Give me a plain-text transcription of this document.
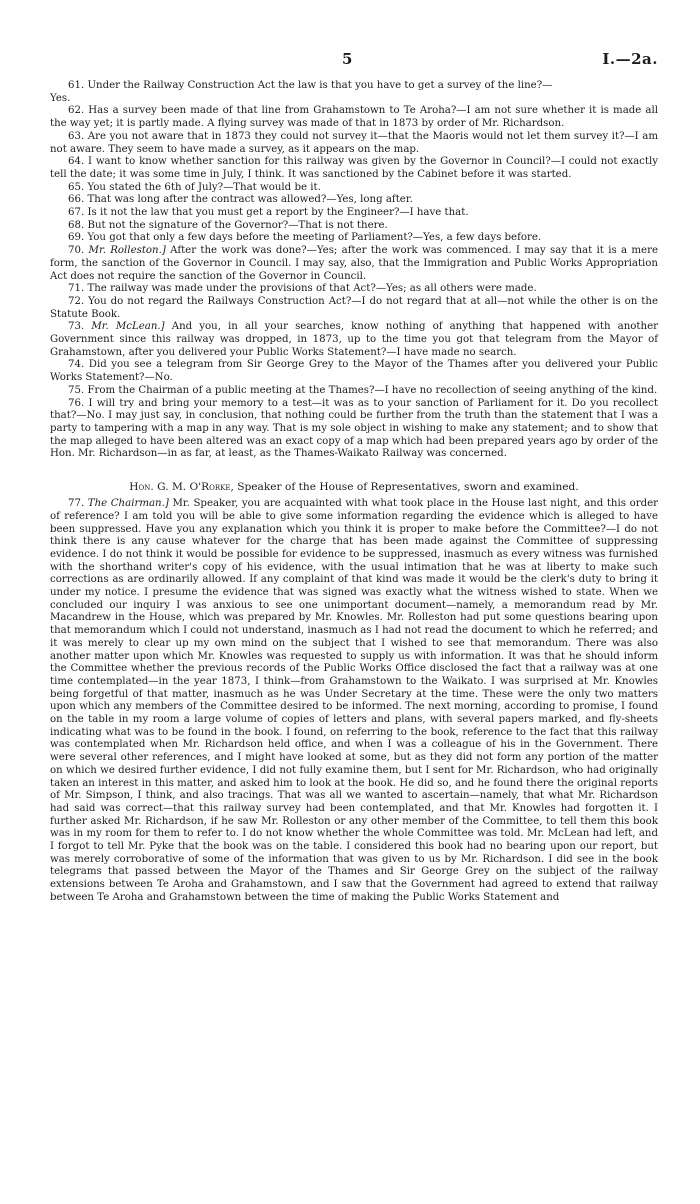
5	I.—2a.

61. Under the Railway Construction Act the law is that you have to get a survey of the line?—

Yes.

62. Has a survey been made of that line from Grahamstown to Te Aroha?—I am not sure whether it is made all the way yet; it is partly made. A flying survey was made of that in 1873 by order of Mr. Richardson.

63. Are you not aware that in 1873 they could not survey it—that the Maoris would not let them survey it?—I am not aware. They seem to have made a survey, as it appears on the map.

64. I want to know whether sanction for this railway was given by the Governor in Council?—I could not exactly tell the date; it was some time in July, I think. It was sanctioned by the Cabinet before it was started.

65. You stated the 6th of July?—That would be it.

66. That was long after the contract was allowed?—Yes, long after.

67. Is it not the law that you must get a report by the Engineer?—I have that.

68. But not the signature of the Governor?—That is not there.

69. You got that only a few days before the meeting of Parliament?—Yes, a few days before.

70. Mr. Rolleston.] After the work was done?—Yes; after the work was commenced. I may say that it is a mere form, the sanction of the Governor in Council. I may say, also, that the Immigration and Public Works Appropriation Act does not require the sanction of the Governor in Council.

71. The railway was made under the provisions of that Act?—Yes; as all others were made.

72. You do not regard the Railways Construction Act?—I do not regard that at all—not while the other is on the Statute Book.

73. Mr. McLean.] And you, in all your searches, know nothing of anything that happened with another Government since this railway was dropped, in 1873, up to the time you got that telegram from the Mayor of Grahamstown, after you delivered your Public Works Statement?—I have made no search.

74. Did you see a telegram from Sir George Grey to the Mayor of the Thames after you delivered your Public Works Statement?—No.

75. From the Chairman of a public meeting at the Thames?—I have no recollection of seeing anything of the kind.

76. I will try and bring your memory to a test—it was as to your sanction of Parliament for it. Do you recollect that?—No. I may just say, in conclusion, that nothing could be further from the truth than the statement that I was a party to tampering with a map in any way. That is my sole object in wishing to make any statement; and to show that the map alleged to have been altered was an exact copy of a map which had been prepared years ago by order of the Hon. Mr. Richardson—in as far, at least, as the Thames-Waikato Railway was concerned.

Hon. G. M. O'Rorke, Speaker of the House of Representatives, sworn and examined.

77. The Chairman.] Mr. Speaker, you are acquainted with what took place in the House last night, and this order of reference? I am told you will be able to give some information regarding the evidence which is alleged to have been suppressed. Have you any explanation which you think it is proper to make before the Committee?—I do not think there is any cause whatever for the charge that has been made against the Committee of suppressing evidence. I do not think it would be possible for evidence to be suppressed, inasmuch as every witness was furnished with the shorthand writer's copy of his evidence, with the usual intimation that he was at liberty to make such corrections as are ordinarily allowed. If any complaint of that kind was made it would be the clerk's duty to bring it under my notice. I presume the evidence that was signed was exactly what the witness wished to state. When we concluded our inquiry I was anxious to see one unimportant document—namely, a memorandum read by Mr. Macandrew in the House, which was prepared by Mr. Knowles. Mr. Rolleston had put some questions bearing upon that memorandum which I could not understand, inasmuch as I had not read the document to which he referred; and it was merely to clear up my own mind on the subject that I wished to see that memorandum. There was also another matter upon which Mr. Knowles was requested to supply us with information. It was that he should inform the Committee whether the previous records of the Public Works Office disclosed the fact that a railway was at one time contemplated—in the year 1873, I think—from Grahamstown to the Waikato. I was surprised at Mr. Knowles being forgetful of that matter, inasmuch as he was Under Secretary at the time. These were the only two matters upon which any members of the Committee desired to be informed. The next morning, according to promise, I found on the table in my room a large volume of copies of letters and plans, with several papers marked, and fly-sheets indicating what was to be found in the book. I found, on referring to the book, reference to the fact that this railway was contemplated when Mr. Richardson held office, and when I was a colleague of his in the Government. There were several other references, and I might have looked at some, but as they did not form any portion of the matter on which we desired further evidence, I did not fully examine them, but I sent for Mr. Richardson, who had originally taken an interest in this matter, and asked him to look at the book. He did so, and he found there the original reports of Mr. Simpson, I think, and also tracings. That was all we wanted to ascertain—namely, that what Mr. Richardson had said was correct—that this railway survey had been contemplated, and that Mr. Knowles had forgotten it. I further asked Mr. Richardson, if he saw Mr. Rolleston or any other member of the Committee, to tell them this book was in my room for them to refer to. I do not know whether the whole Committee was told. Mr. McLean had left, and I forgot to tell Mr. Pyke that the book was on the table. I considered this book had no bearing upon our report, but was merely corroborative of some of the information that was given to us by Mr. Richardson. I did see in the book telegrams that passed between the Mayor of the Thames and Sir George Grey on the subject of the railway extensions between Te Aroha and Grahamstown, and I saw that the Government had agreed to extend that railway between Te Aroha and Grahamstown between the time of making the Public Works Statement and
